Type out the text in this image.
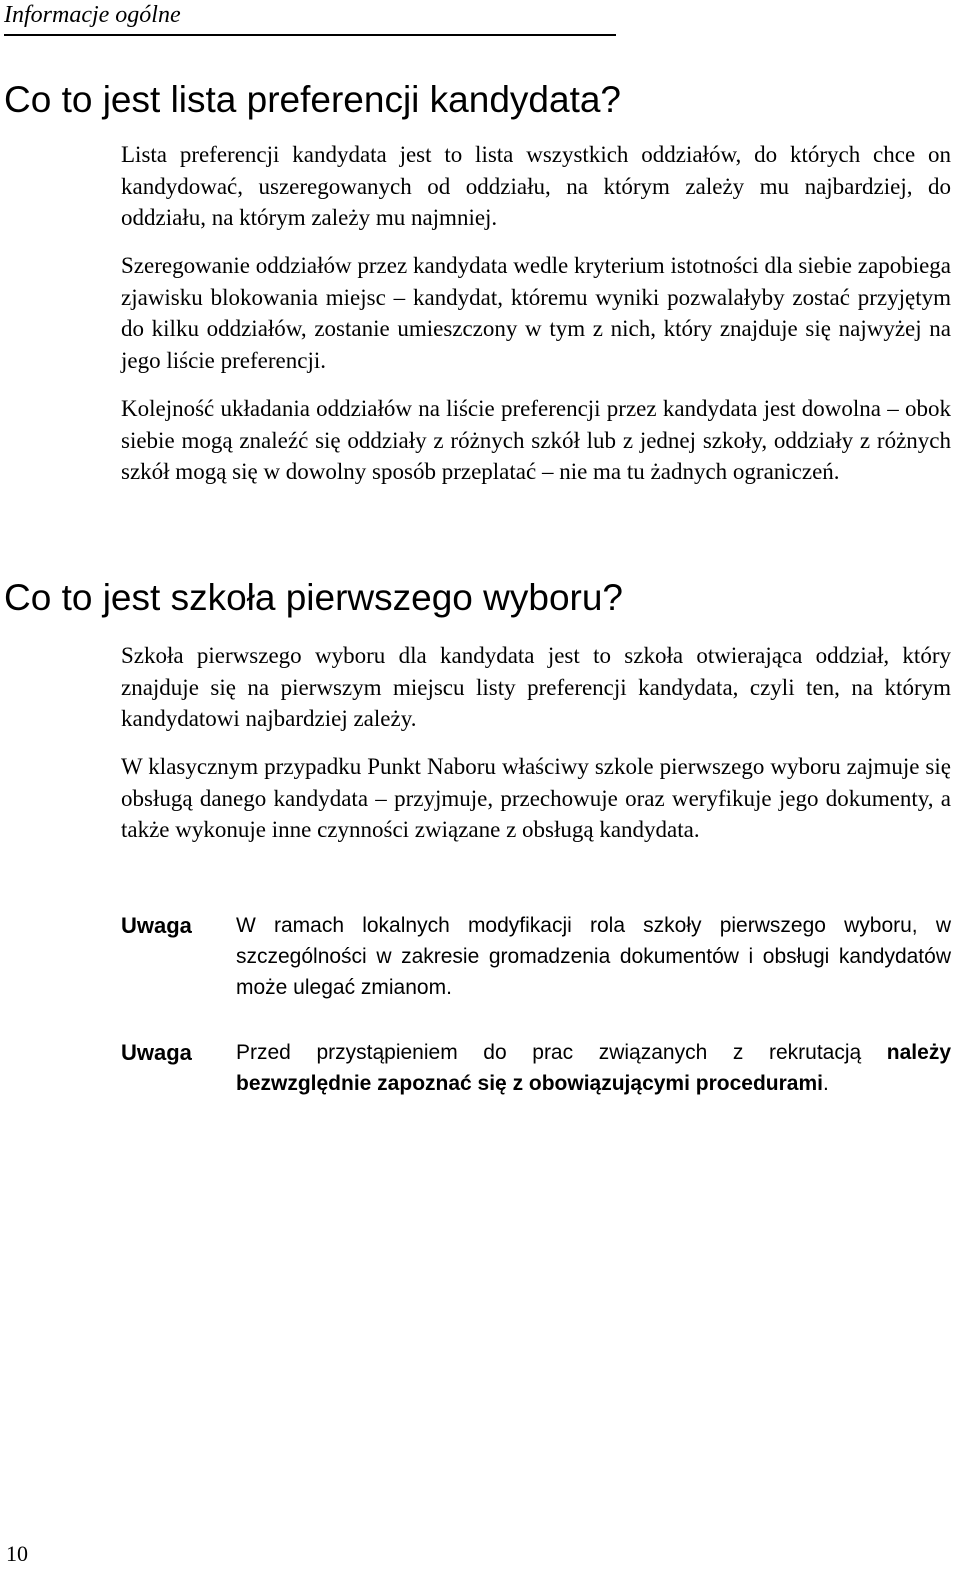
Informacje ogólne
Co to jest lista preferencji kandydata?

Lista preferencji kandydata jest to lista wszystkich oddziałów, do których chce on kandydować, uszeregowanych od oddziału, na którym zależy mu najbardziej, do oddziału, na którym zależy mu najmniej.

Szeregowanie oddziałów przez kandydata wedle kryterium istotności dla siebie zapobiega zjawisku blokowania miejsc – kandydat, któremu wyniki pozwalałyby zostać przyjętym do kilku oddziałów, zostanie umieszczony w tym z nich, który znajduje się najwyżej na jego liście preferencji.

Kolejność układania oddziałów na liście preferencji przez kandydata jest dowolna – obok siebie mogą znaleźć się oddziały z różnych szkół lub z jednej szkoły, oddziały z różnych szkół mogą się w dowolny sposób przeplatać – nie ma tu żadnych ograniczeń.

Co to jest szkoła pierwszego wyboru?

Szkoła pierwszego wyboru dla kandydata jest to szkoła otwierająca oddział, który znajduje się na pierwszym miejscu listy preferencji kandydata, czyli ten, na którym kandydatowi najbardziej zależy.

W klasycznym przypadku Punkt Naboru właściwy szkole pierwszego wyboru zajmuje się obsługą danego kandydata – przyjmuje, przechowuje oraz weryfikuje jego dokumenty, a także wykonuje inne czynności związane z obsługą kandydata.

Uwaga W ramach lokalnych modyfikacji rola szkoły pierwszego wyboru, w szczególności w zakresie gromadzenia dokumentów i obsługi kandydatów może ulegać zmianom.

Uwaga Przed przystąpieniem do prac związanych z rekrutacją należy bezwzględnie zapoznać się z obowiązującymi procedurami.

10
